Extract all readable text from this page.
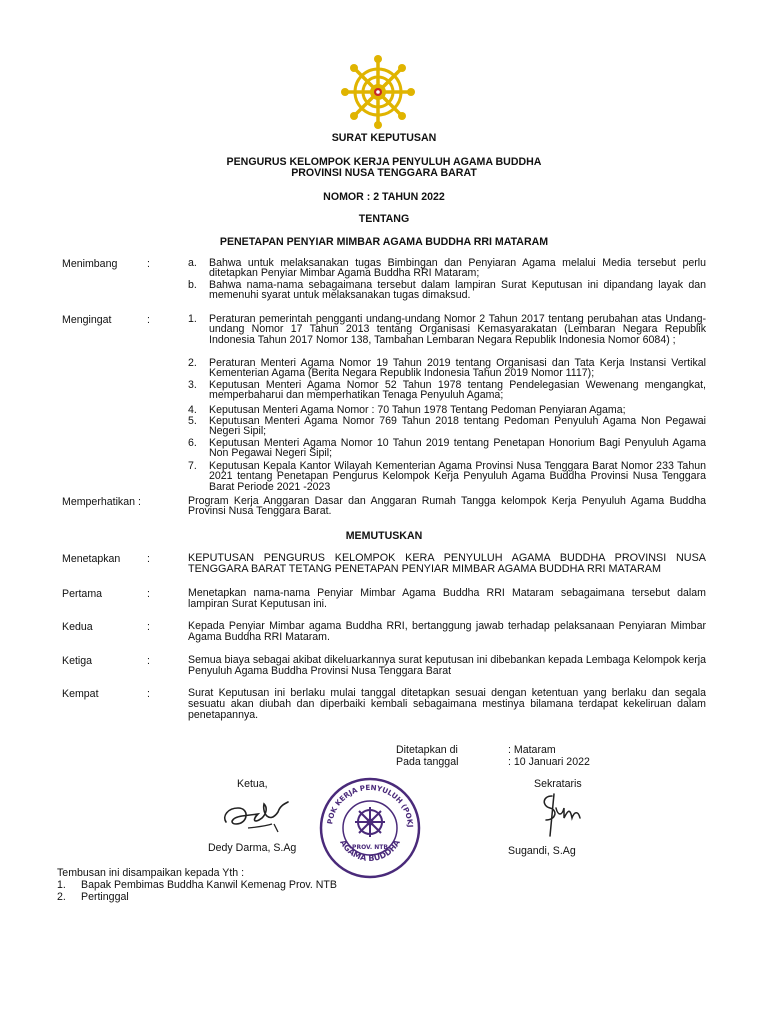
SURAT KEPUTUSAN
PENGURUS KELOMPOK KERJA PENYULUH AGAMA BUDDHA
PROVINSI NUSA TENGGARA BARAT
NOMOR : 2 TAHUN 2022
TENTANG
PENETAPAN PENYIAR MIMBAR AGAMA BUDDHA RRI MATARAM
Menimbang	:	a. Bahwa untuk melaksanakan tugas Bimbingan dan Penyiaran Agama melalui Media tersebut perlu ditetapkan Penyiar Mimbar Agama Buddha RRI Mataram;
b. Bahwa nama-nama sebagaimana tersebut dalam lampiran Surat Keputusan ini dipandang layak dan memenuhi syarat untuk melaksanakan tugas dimaksud.
Mengingat	:	1. Peraturan pemerintah pengganti undang-undang Nomor 2 Tahun 2017 tentang perubahan atas Undang-undang Nomor 17 Tahun 2013 tentang Organisasi Kemasyarakatan (Lembaran Negara Republik Indonesia Tahun 2017 Nomor 138, Tambahan Lembaran Negara Republik Indonesia Nomor 6084) ;
2. Peraturan Menteri Agama Nomor 19 Tahun 2019 tentang Organisasi dan Tata Kerja Instansi Vertikal Kementerian Agama (Berita Negara Republik Indonesia Tahun 2019 Nomor 1117);
3. Keputusan Menteri Agama Nomor 52 Tahun 1978 tentang Pendelegasian Wewenang mengangkat, memperbaharui dan memperhatikan Tenaga Penyuluh Agama;
4. Keputusan Menteri Agama Nomor : 70 Tahun 1978 Tentang Pedoman Penyiaran Agama;
5. Keputusan Menteri Agama Nomor 769 Tahun 2018 tentang Pedoman Penyuluh Agama Non Pegawai Negeri Sipil;
6. Keputusan Menteri Agama Nomor 10 Tahun 2019 tentang Penetapan Honorium Bagi Penyuluh Agama Non Pegawai Negeri Sipil;
7. Keputusan Kepala Kantor Wilayah Kementerian Agama Provinsi Nusa Tenggara Barat Nomor 233 Tahun 2021 tentang Penetapan Pengurus Kelompok Kerja Penyuluh Agama Buddha Provinsi Nusa Tenggara Barat Periode 2021 -2023
Memperhatikan :	Program Kerja Anggaran Dasar dan Anggaran Rumah Tangga kelompok Kerja Penyuluh Agama Buddha Provinsi Nusa Tenggara Barat.
MEMUTUSKAN
Menetapkan	:	KEPUTUSAN PENGURUS KELOMPOK KERA PENYULUH AGAMA BUDDHA PROVINSI NUSA TENGGARA BARAT TETANG PENETAPAN PENYIAR MIMBAR AGAMA BUDDHA RRI MATARAM
Pertama	:	Menetapkan nama-nama Penyiar Mimbar Agama Buddha RRI Mataram sebagaimana tersebut dalam lampiran Surat Keputusan ini.
Kedua	:	Kepada Penyiar Mimbar agama Buddha RRI, bertanggung jawab terhadap pelaksanaan Penyiaran Mimbar Agama Buddha RRI Mataram.
Ketiga	:	Semua biaya sebagai akibat dikeluarkannya surat keputusan ini dibebankan kepada Lembaga Kelompok kerja Penyuluh Agama Buddha Provinsi Nusa Tenggara Barat
Kempat	:	Surat Keputusan ini berlaku mulai tanggal ditetapkan sesuai dengan ketentuan yang berlaku dan segala sesuatu akan diubah dan diperbaiki kembali sebagaimana mestinya bilamana terdapat kekeliruan dalam penetapannya.
Ditetapkan di	: Mataram
Pada tanggal	: 10 Januari 2022
Ketua,	Sekrataris
POK KERJA PENYULUH (POKJ
AGAMA BUDDHA
PROV. NTB
Dedy Darma, S.Ag	Sugandi, S.Ag
Tembusan ini disampaikan kepada Yth :
1. Bapak Pembimas Buddha Kanwil Kemenag Prov. NTB
2. Pertinggal
